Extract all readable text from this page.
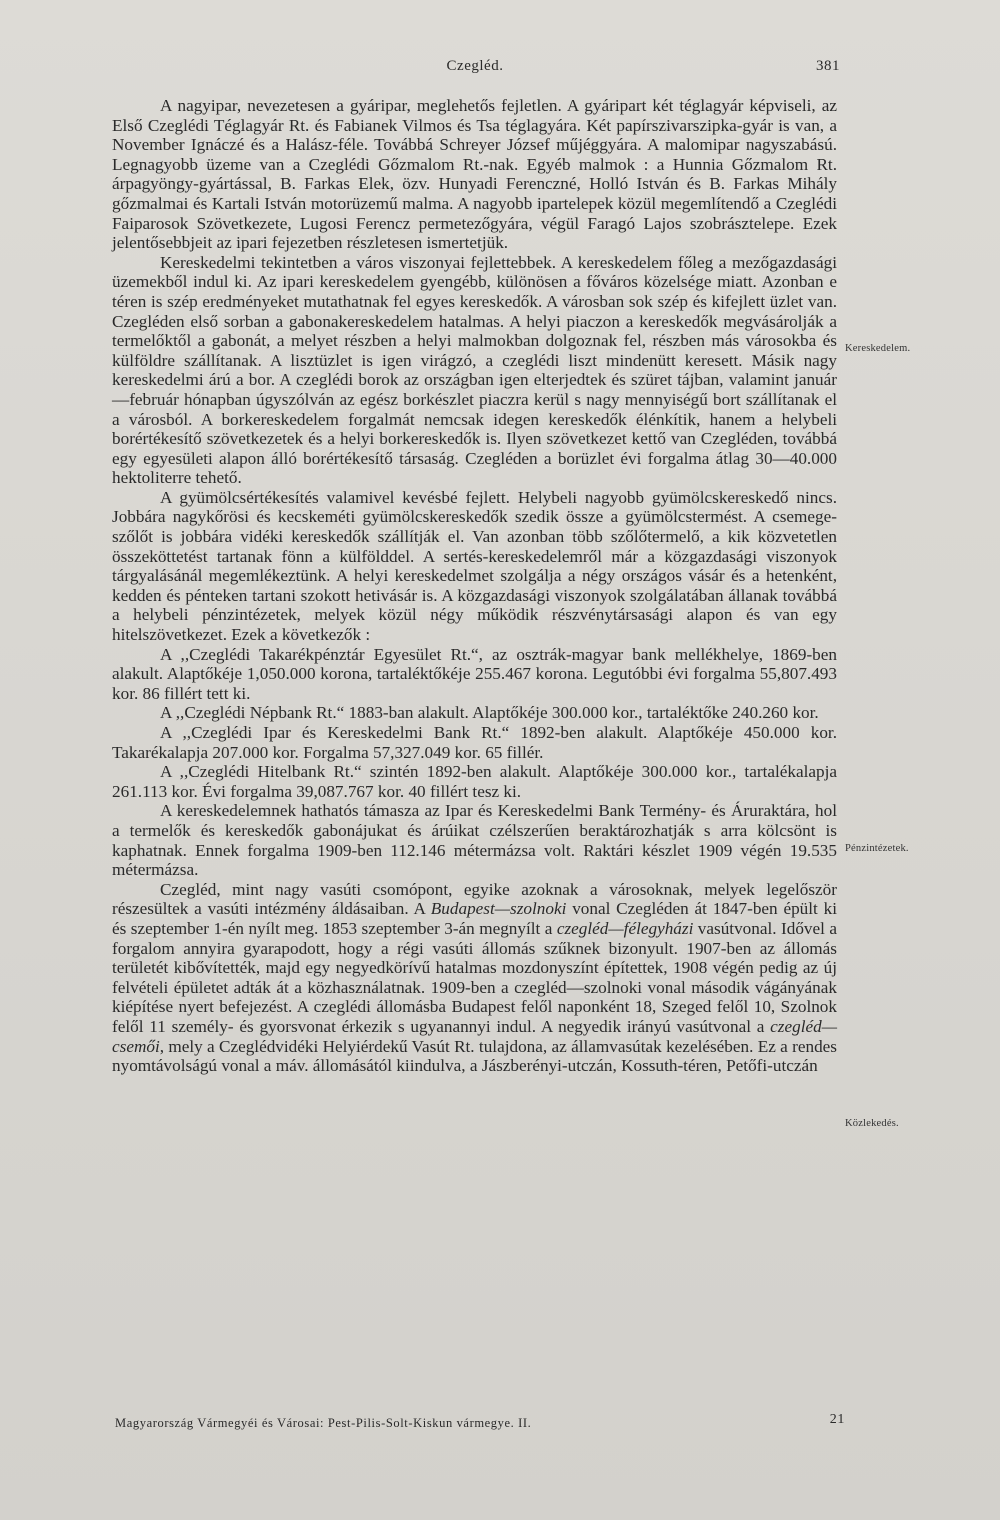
Czegléd.	381

A nagyipar, nevezetesen a gyáripar, meglehetős fejletlen. A gyáripart két téglagyár képviseli, az Első Czeglédi Téglagyár Rt. és Fabianek Vilmos és Tsa téglagyára. Két papírszivarszipka-gyár is van, a November Ignáczé és a Halász-féle. Továbbá Schreyer József műjéggyára. A malomipar nagyszabású. Legnagyobb üzeme van a Czeglédi Gőzmalom Rt.-nak. Egyéb malmok : a Hunnia Gőzmalom Rt. árpagyöngy-gyártással, B. Farkas Elek, özv. Hunyadi Ferenczné, Holló István és B. Farkas Mihály gőzmalmai és Kartali István motorüzemű malma. A nagyobb ipartelepek közül megemlítendő a Czeglédi Faiparosok Szövetkezete, Lugosi Ferencz permetezőgyára, végül Faragó Lajos szobrásztelepe. Ezek jelentősebbjeit az ipari fejezetben részletesen ismertetjük.

Kereskedelmi tekintetben a város viszonyai fejlettebbek. A kereskedelem főleg a mezőgazdasági üzemekből indul ki. Az ipari kereskedelem gyengébb, különösen a főváros közelsége miatt. Azonban e téren is szép eredményeket mutathatnak fel egyes kereskedők. A városban sok szép és kifejlett üzlet van. Czegléden első sorban a gabonakereskedelem hatalmas. A helyi piaczon a kereskedők megvásárolják a termelőktől a gabonát, a melyet részben a helyi malmokban dolgoznak fel, részben más városokba és külföldre szállítanak. A lisztüzlet is igen virágzó, a czeglédi liszt mindenütt keresett. Másik nagy kereskedelmi árú a bor. A czeglédi borok az országban igen elterjedtek és szüret tájban, valamint január—február hónapban úgyszólván az egész borkészlet piaczra kerül s nagy mennyiségű bort szállítanak el a városból. A borkereskedelem forgalmát nemcsak idegen kereskedők élénkítik, hanem a helybeli borértékesítő szövetkezetek és a helyi borkereskedők is. Ilyen szövetkezet kettő van Czegléden, továbbá egy egyesületi alapon álló borértékesítő társaság. Czegléden a borüzlet évi forgalma átlag 30—40.000 hektoliterre tehető.

A gyümölcsértékesítés valamivel kevésbé fejlett. Helybeli nagyobb gyümölcskereskedő nincs. Jobbára nagykőrösi és kecskeméti gyümölcskereskedők szedik össze a gyümölcstermést. A csemege-szőlőt is jobbára vidéki kereskedők szállítják el. Van azonban több szőlőtermelő, a kik közvetetlen összeköttetést tartanak fönn a külfölddel. A sertés-kereskedelemről már a közgazdasági viszonyok tárgyalásánál megemlékeztünk. A helyi kereskedelmet szolgálja a négy országos vásár és a hetenként, kedden és pénteken tartani szokott hetivásár is. A közgazdasági viszonyok szolgálatában állanak továbbá a helybeli pénzintézetek, melyek közül négy működik részvénytársasági alapon és van egy hitelszövetkezet. Ezek a következők :

A ,,Czeglédi Takarékpénztár Egyesület Rt.“, az osztrák-magyar bank mellékhelye, 1869-ben alakult. Alaptőkéje 1,050.000 korona, tartaléktőkéje 255.467 korona. Legutóbbi évi forgalma 55,807.493 kor. 86 fillért tett ki.

A ,,Czeglédi Népbank Rt.“ 1883-ban alakult. Alaptőkéje 300.000 kor., tartaléktőke 240.260 kor.

A ,,Czeglédi Ipar és Kereskedelmi Bank Rt.“ 1892-ben alakult. Alaptőkéje 450.000 kor. Takarékalapja 207.000 kor. Forgalma 57,327.049 kor. 65 fillér.

A ,,Czeglédi Hitelbank Rt.“ szintén 1892-ben alakult. Alaptőkéje 300.000 kor., tartalékalapja 261.113 kor. Évi forgalma 39,087.767 kor. 40 fillért tesz ki.

A kereskedelemnek hathatós támasza az Ipar és Kereskedelmi Bank Termény- és Áruraktára, hol a termelők és kereskedők gabonájukat és árúikat czélszerűen beraktározhatják s arra kölcsönt is kaphatnak. Ennek forgalma 1909-ben 112.146 métermázsa volt. Raktári készlet 1909 végén 19.535 métermázsa.

Czegléd, mint nagy vasúti csomópont, egyike azoknak a városoknak, melyek legelőször részesültek a vasúti intézmény áldásaiban. A Budapest—szolnoki vonal Czegléden át 1847-ben épült ki és szeptember 1-én nyílt meg. 1853 szeptember 3-án megnyílt a czegléd—félegyházi vasútvonal. Idővel a forgalom annyira gyarapodott, hogy a régi vasúti állomás szűknek bizonyult. 1907-ben az állomás területét kibővítették, majd egy negyedkörívű hatalmas mozdonyszínt építettek, 1908 végén pedig az új felvételi épületet adták át a közhasználatnak. 1909-ben a czegléd—szolnoki vonal második vágányának kiépítése nyert befejezést. A czeglédi állomásba Budapest felől naponként 18, Szeged felől 10, Szolnok felől 11 személy- és gyorsvonat érkezik s ugyanannyi indul. A negyedik irányú vasútvonal a czegléd—csemői, mely a Czeglédvidéki Helyiérdekű Vasút Rt. tulajdona, az államvasútak kezelésében. Ez a rendes nyomtávolságú vonal a máv. állomásától kiindulva, a Jászberényi-utczán, Kossuth-téren, Petőfi-utczán

Kereskedelem.
Pénzintézetek.
Közlekedés.
Magyarország Vármegyéi és Városai: Pest-Pilis-Solt-Kiskun vármegye. II.	21
